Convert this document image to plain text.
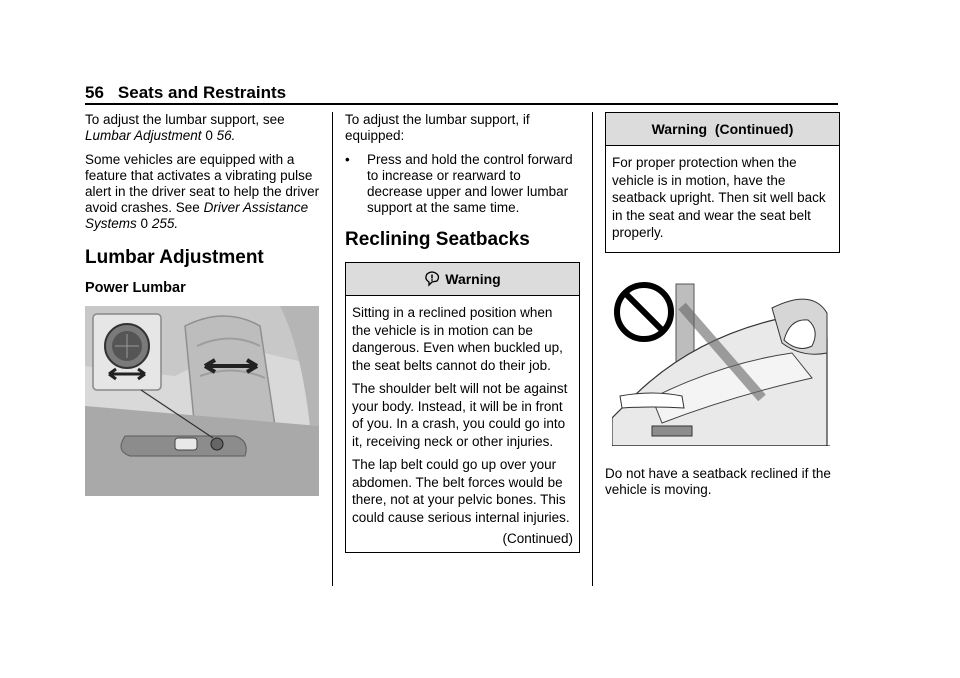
56 Seats and Restraints

To adjust the lumbar support, see
Lumbar Adjustment 0 56.

Some vehicles are equipped with a feature that activates a vibrating pulse alert in the driver seat to help the driver avoid crashes. See Driver Assistance Systems 0 255.

Lumbar Adjustment
Power Lumbar

To adjust the lumbar support, if equipped:

•	Press and hold the control forward to increase or rearward to decrease upper and lower lumbar support at the same time.
Reclining Seatbacks
Warning

Sitting in a reclined position when the vehicle is in motion can be dangerous. Even when buckled up, the seat belts cannot do their job.

The shoulder belt will not be against your body. Instead, it will be in front of you. In a crash, you could go into it, receiving neck or other injuries.

The lap belt could go up over your abdomen. The belt forces would be there, not at your pelvic bones. This could cause serious internal injuries.

(Continued)
Warning  (Continued)

For proper protection when the vehicle is in motion, have the seatback upright. Then sit well back in the seat and wear the seat belt properly.

Do not have a seatback reclined if the vehicle is moving.
